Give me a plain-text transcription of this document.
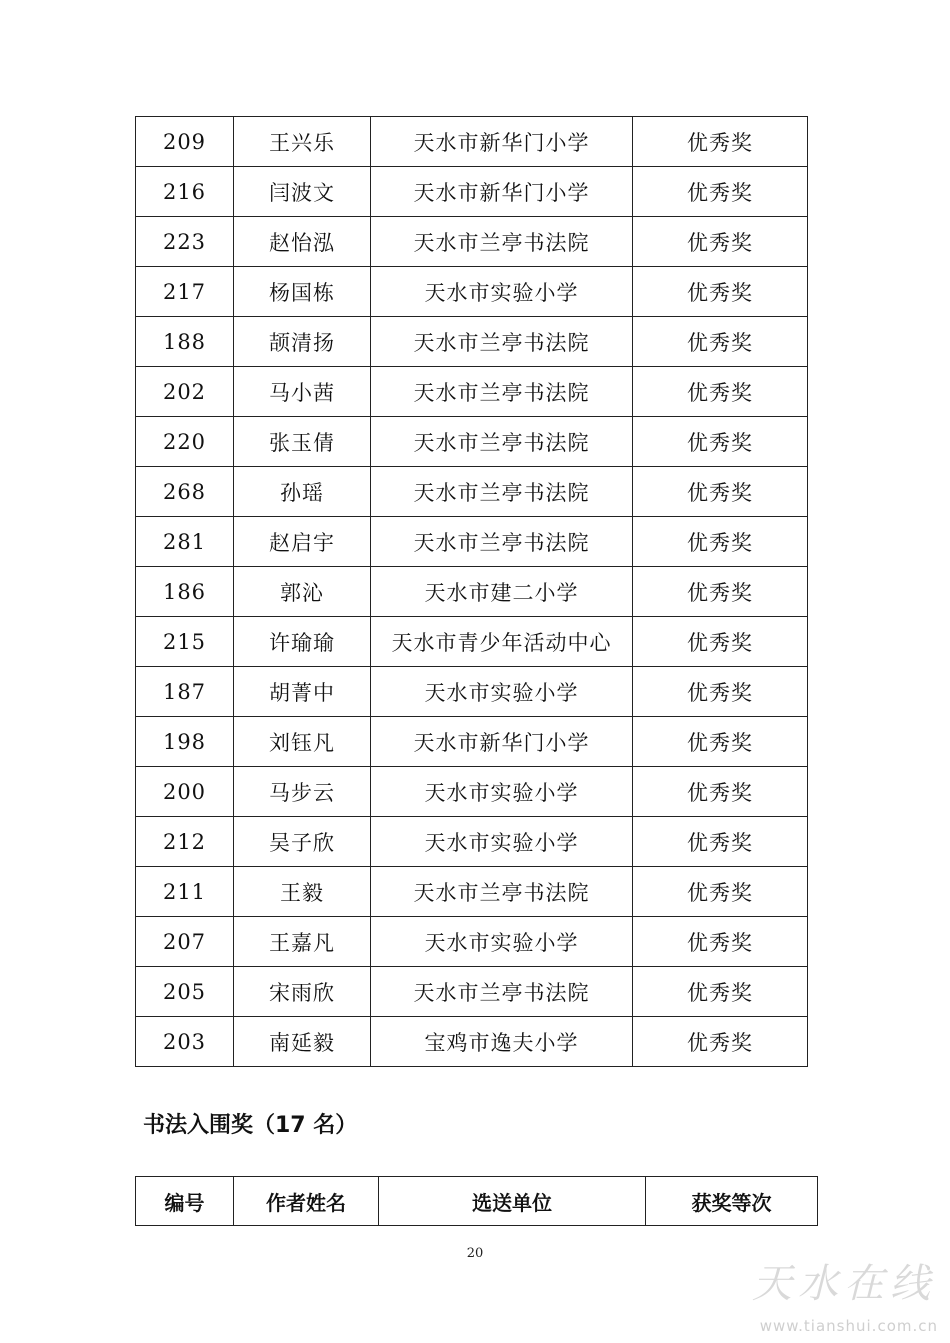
209	王兴乐	天水市新华门小学	优秀奖
216	闫波文	天水市新华门小学	优秀奖
223	赵怡泓	天水市兰亭书法院	优秀奖
217	杨国栋	天水市实验小学	优秀奖
188	颉清扬	天水市兰亭书法院	优秀奖
202	马小茜	天水市兰亭书法院	优秀奖
220	张玉倩	天水市兰亭书法院	优秀奖
268	孙瑶	天水市兰亭书法院	优秀奖
281	赵启宇	天水市兰亭书法院	优秀奖
186	郭沁	天水市建二小学	优秀奖
215	许瑜瑜	天水市青少年活动中心	优秀奖
187	胡菁中	天水市实验小学	优秀奖
198	刘钰凡	天水市新华门小学	优秀奖
200	马步云	天水市实验小学	优秀奖
212	吴子欣	天水市实验小学	优秀奖
211	王毅	天水市兰亭书法院	优秀奖
207	王嘉凡	天水市实验小学	优秀奖
205	宋雨欣	天水市兰亭书法院	优秀奖
203	南延毅	宝鸡市逸夫小学	优秀奖
书法入围奖（17 名）
编号	作者姓名	选送单位	获奖等次
20
天水在线
www.tianshui.com.cn
